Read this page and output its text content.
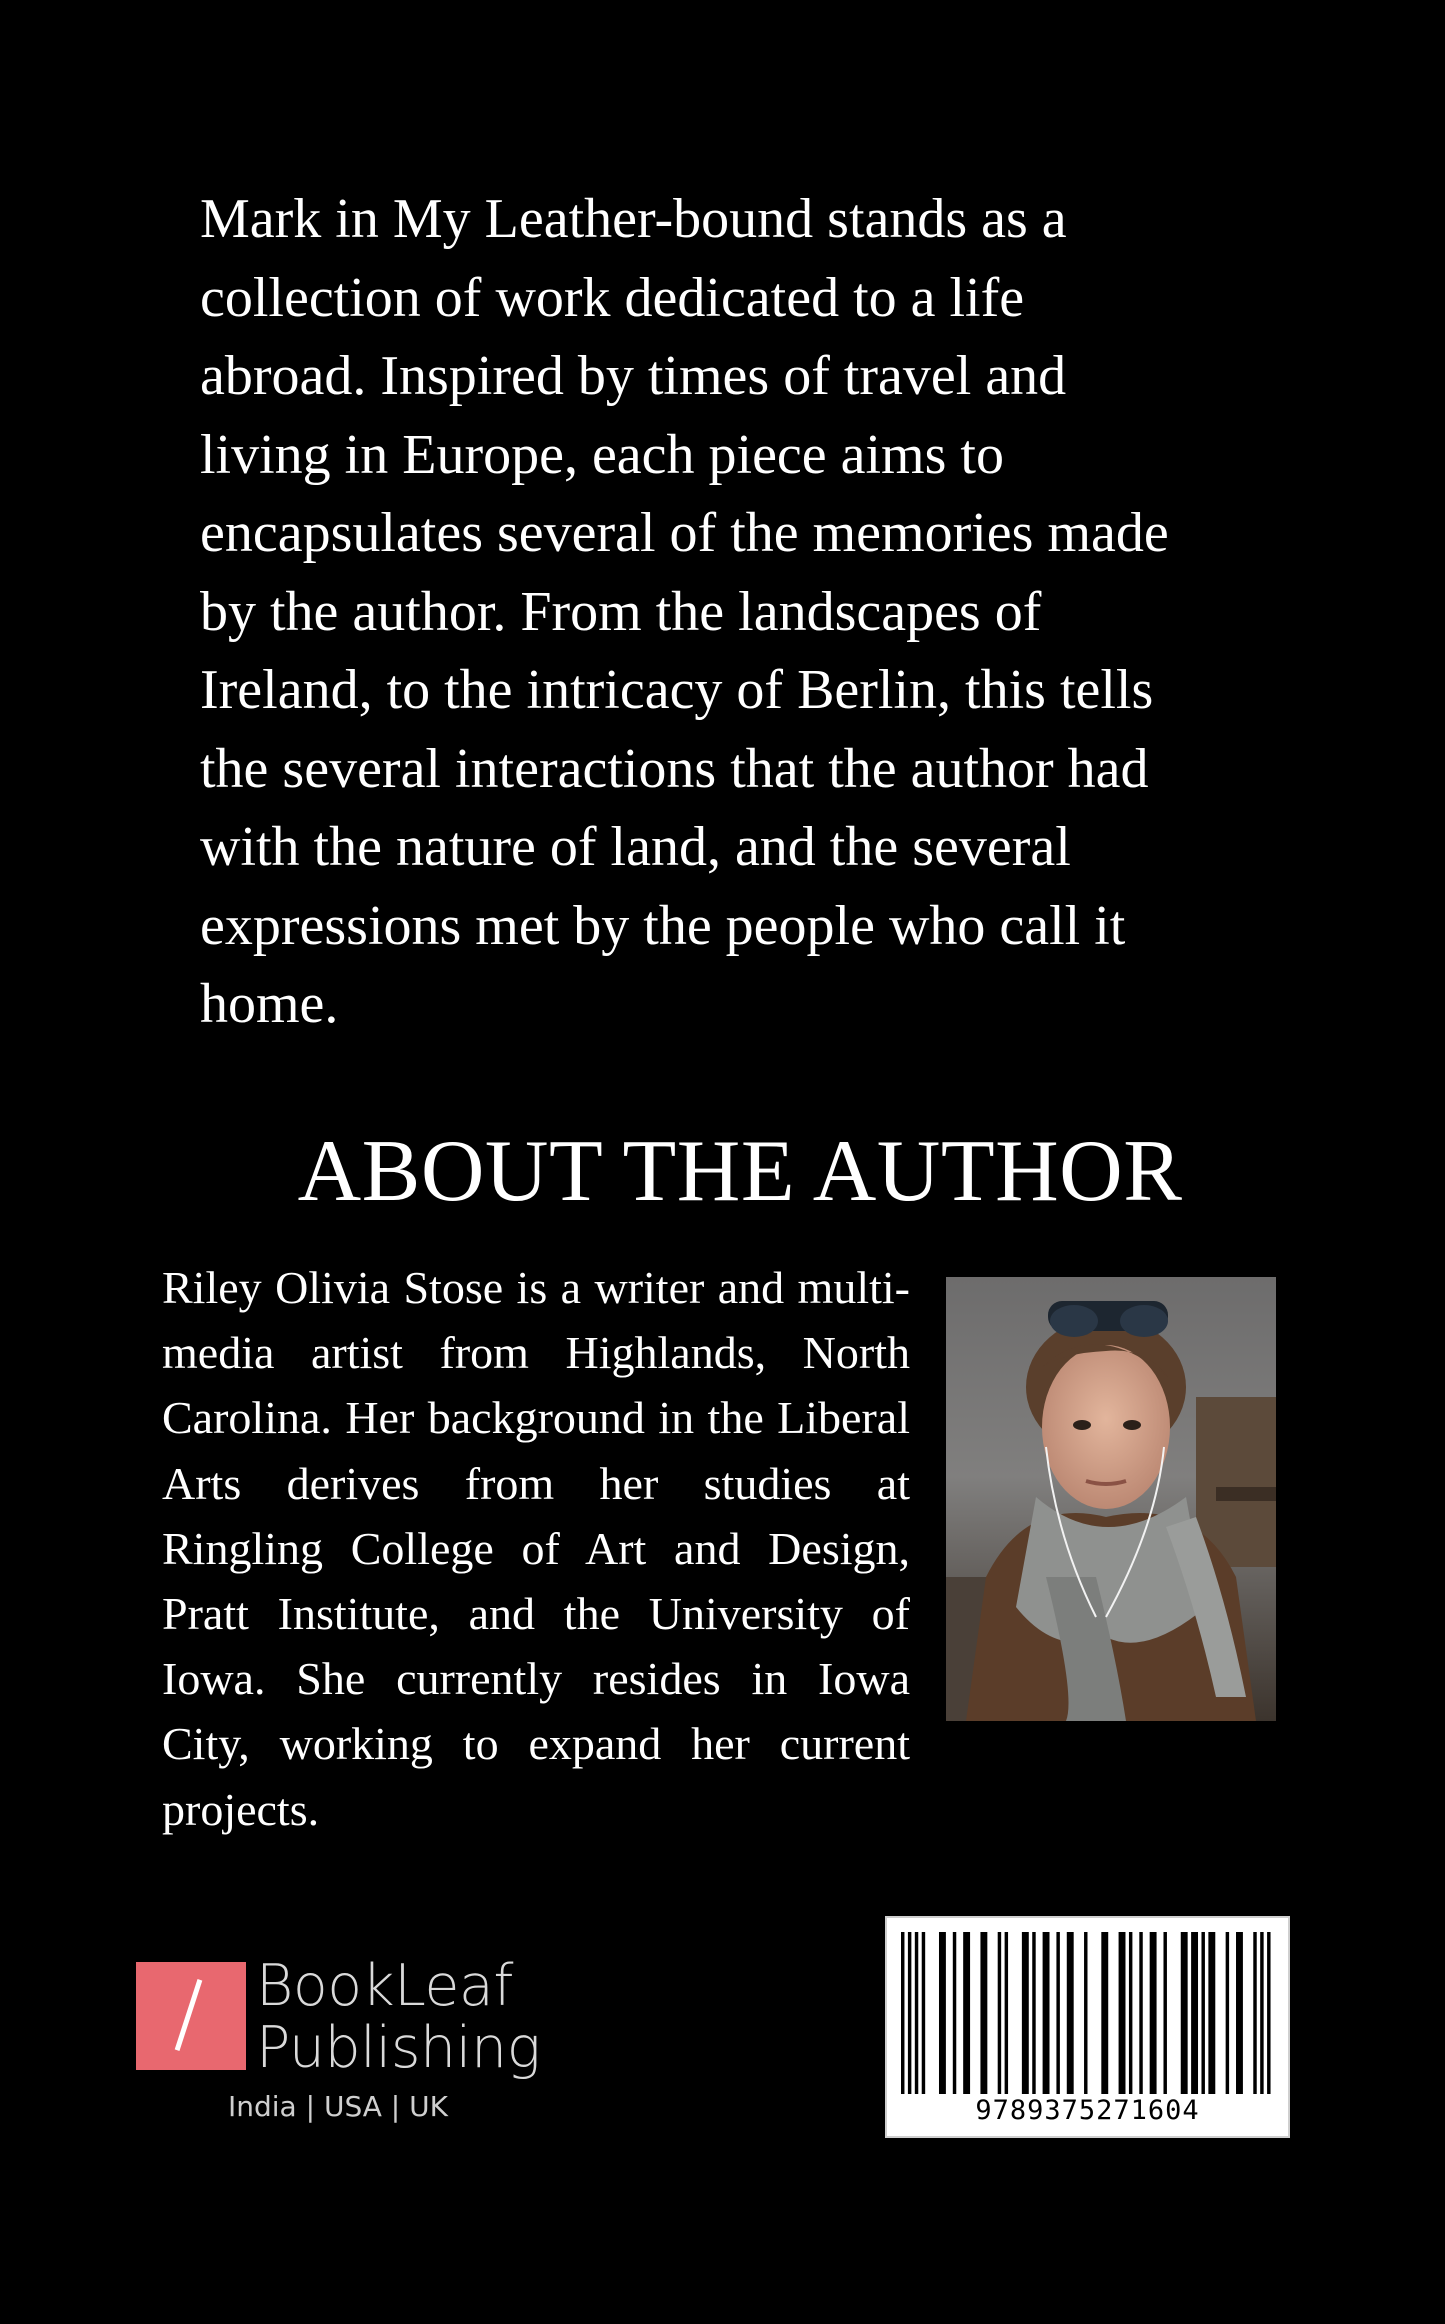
Mark in My Leather-bound stands as a
collection of work dedicated to a life
abroad. Inspired by times of travel and
living in Europe, each piece aims to
encapsulates several of the memories made
by the author. From the landscapes of
Ireland, to the intricacy of Berlin, this tells
the several interactions that the author had
with the nature of land, and the several
expressions met by the people who call it
home.

ABOUT THE AUTHOR

Riley Olivia Stose is a writer and multi-media artist from Highlands, North Carolina. Her background in the Liberal Arts derives from her studies at Ringling College of Art and Design, Pratt Institute, and the University of Iowa. She currently resides in Iowa City, working to expand her current projects.

BookLeaf
Publishing

India | USA | UK	9789375271604
